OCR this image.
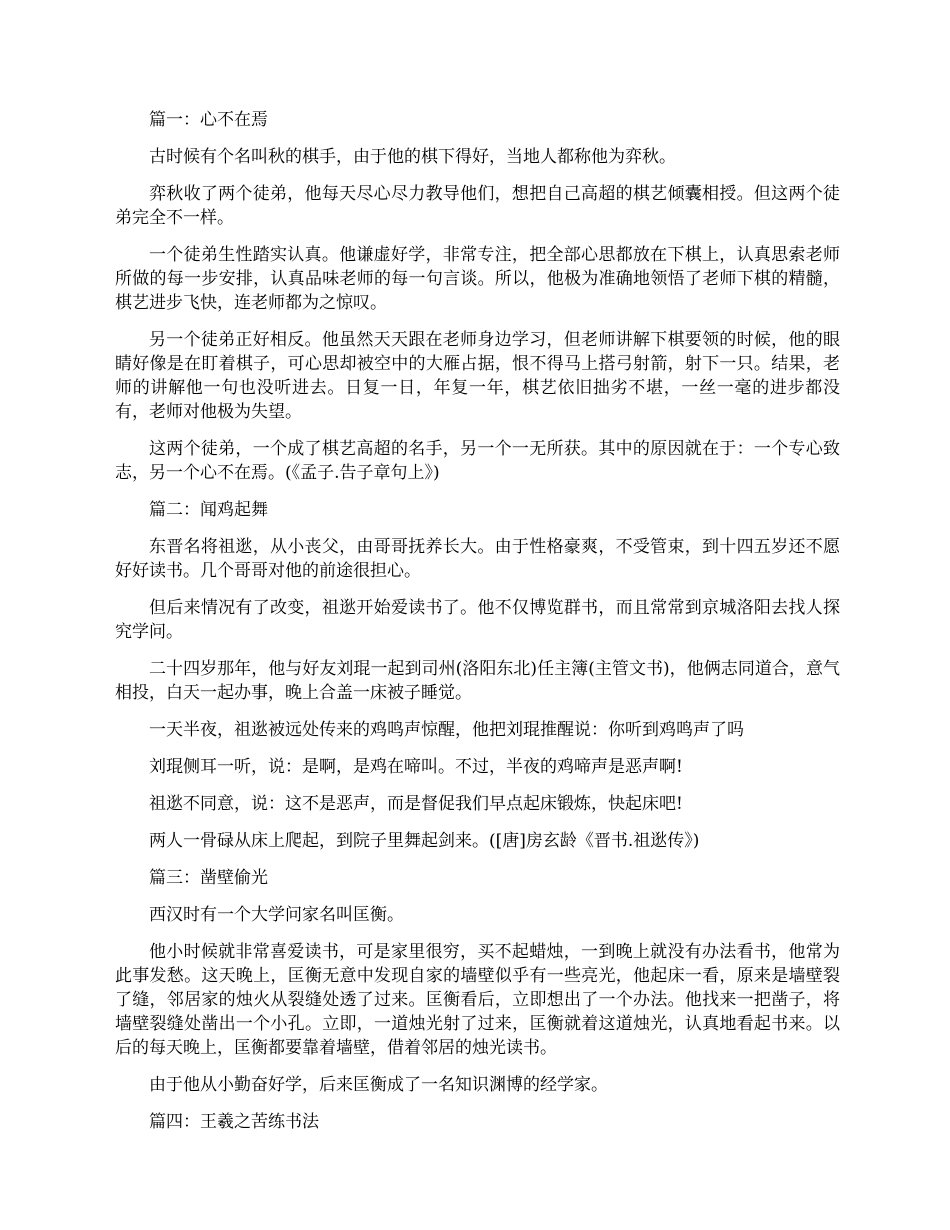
篇一：心不在焉
古时候有个名叫秋的棋手，由于他的棋下得好，当地人都称他为弈秋。
弈秋收了两个徒弟，他每天尽心尽力教导他们，想把自己高超的棋艺倾囊相授。但这两个徒弟完全不一样。
一个徒弟生性踏实认真。他谦虚好学，非常专注，把全部心思都放在下棋上，认真思索老师所做的每一步安排，认真品味老师的每一句言谈。所以，他极为准确地领悟了老师下棋的精髓，棋艺进步飞快，连老师都为之惊叹。
另一个徒弟正好相反。他虽然天天跟在老师身边学习，但老师讲解下棋要领的时候，他的眼睛好像是在盯着棋子，可心思却被空中的大雁占据，恨不得马上搭弓射箭，射下一只。结果，老师的讲解他一句也没听进去。日复一日，年复一年，棋艺依旧拙劣不堪，一丝一毫的进步都没有，老师对他极为失望。
这两个徒弟，一个成了棋艺高超的名手，另一个一无所获。其中的原因就在于：一个专心致志，另一个心不在焉。(《孟子.告子章句上》)
篇二：闻鸡起舞
东晋名将祖逖，从小丧父，由哥哥抚养长大。由于性格豪爽，不受管束，到十四五岁还不愿好好读书。几个哥哥对他的前途很担心。
但后来情况有了改变，祖逖开始爱读书了。他不仅博览群书，而且常常到京城洛阳去找人探究学问。
二十四岁那年，他与好友刘琨一起到司州(洛阳东北)任主簿(主管文书)，他俩志同道合，意气相投，白天一起办事，晚上合盖一床被子睡觉。
一天半夜，祖逖被远处传来的鸡鸣声惊醒，他把刘琨推醒说：你听到鸡鸣声了吗
刘琨侧耳一听，说：是啊，是鸡在啼叫。不过，半夜的鸡啼声是恶声啊!
祖逖不同意，说：这不是恶声，而是督促我们早点起床锻炼，快起床吧!
两人一骨碌从床上爬起，到院子里舞起剑来。([唐]房玄龄《晋书.祖逖传》)
篇三：凿壁偷光
西汉时有一个大学问家名叫匡衡。
他小时候就非常喜爱读书，可是家里很穷，买不起蜡烛，一到晚上就没有办法看书，他常为此事发愁。这天晚上，匡衡无意中发现自家的墙壁似乎有一些亮光，他起床一看，原来是墙壁裂了缝，邻居家的烛火从裂缝处透了过来。匡衡看后，立即想出了一个办法。他找来一把凿子，将墙壁裂缝处凿出一个小孔。立即，一道烛光射了过来，匡衡就着这道烛光，认真地看起书来。以后的每天晚上，匡衡都要靠着墙壁，借着邻居的烛光读书。
由于他从小勤奋好学，后来匡衡成了一名知识渊博的经学家。
篇四：王羲之苦练书法
